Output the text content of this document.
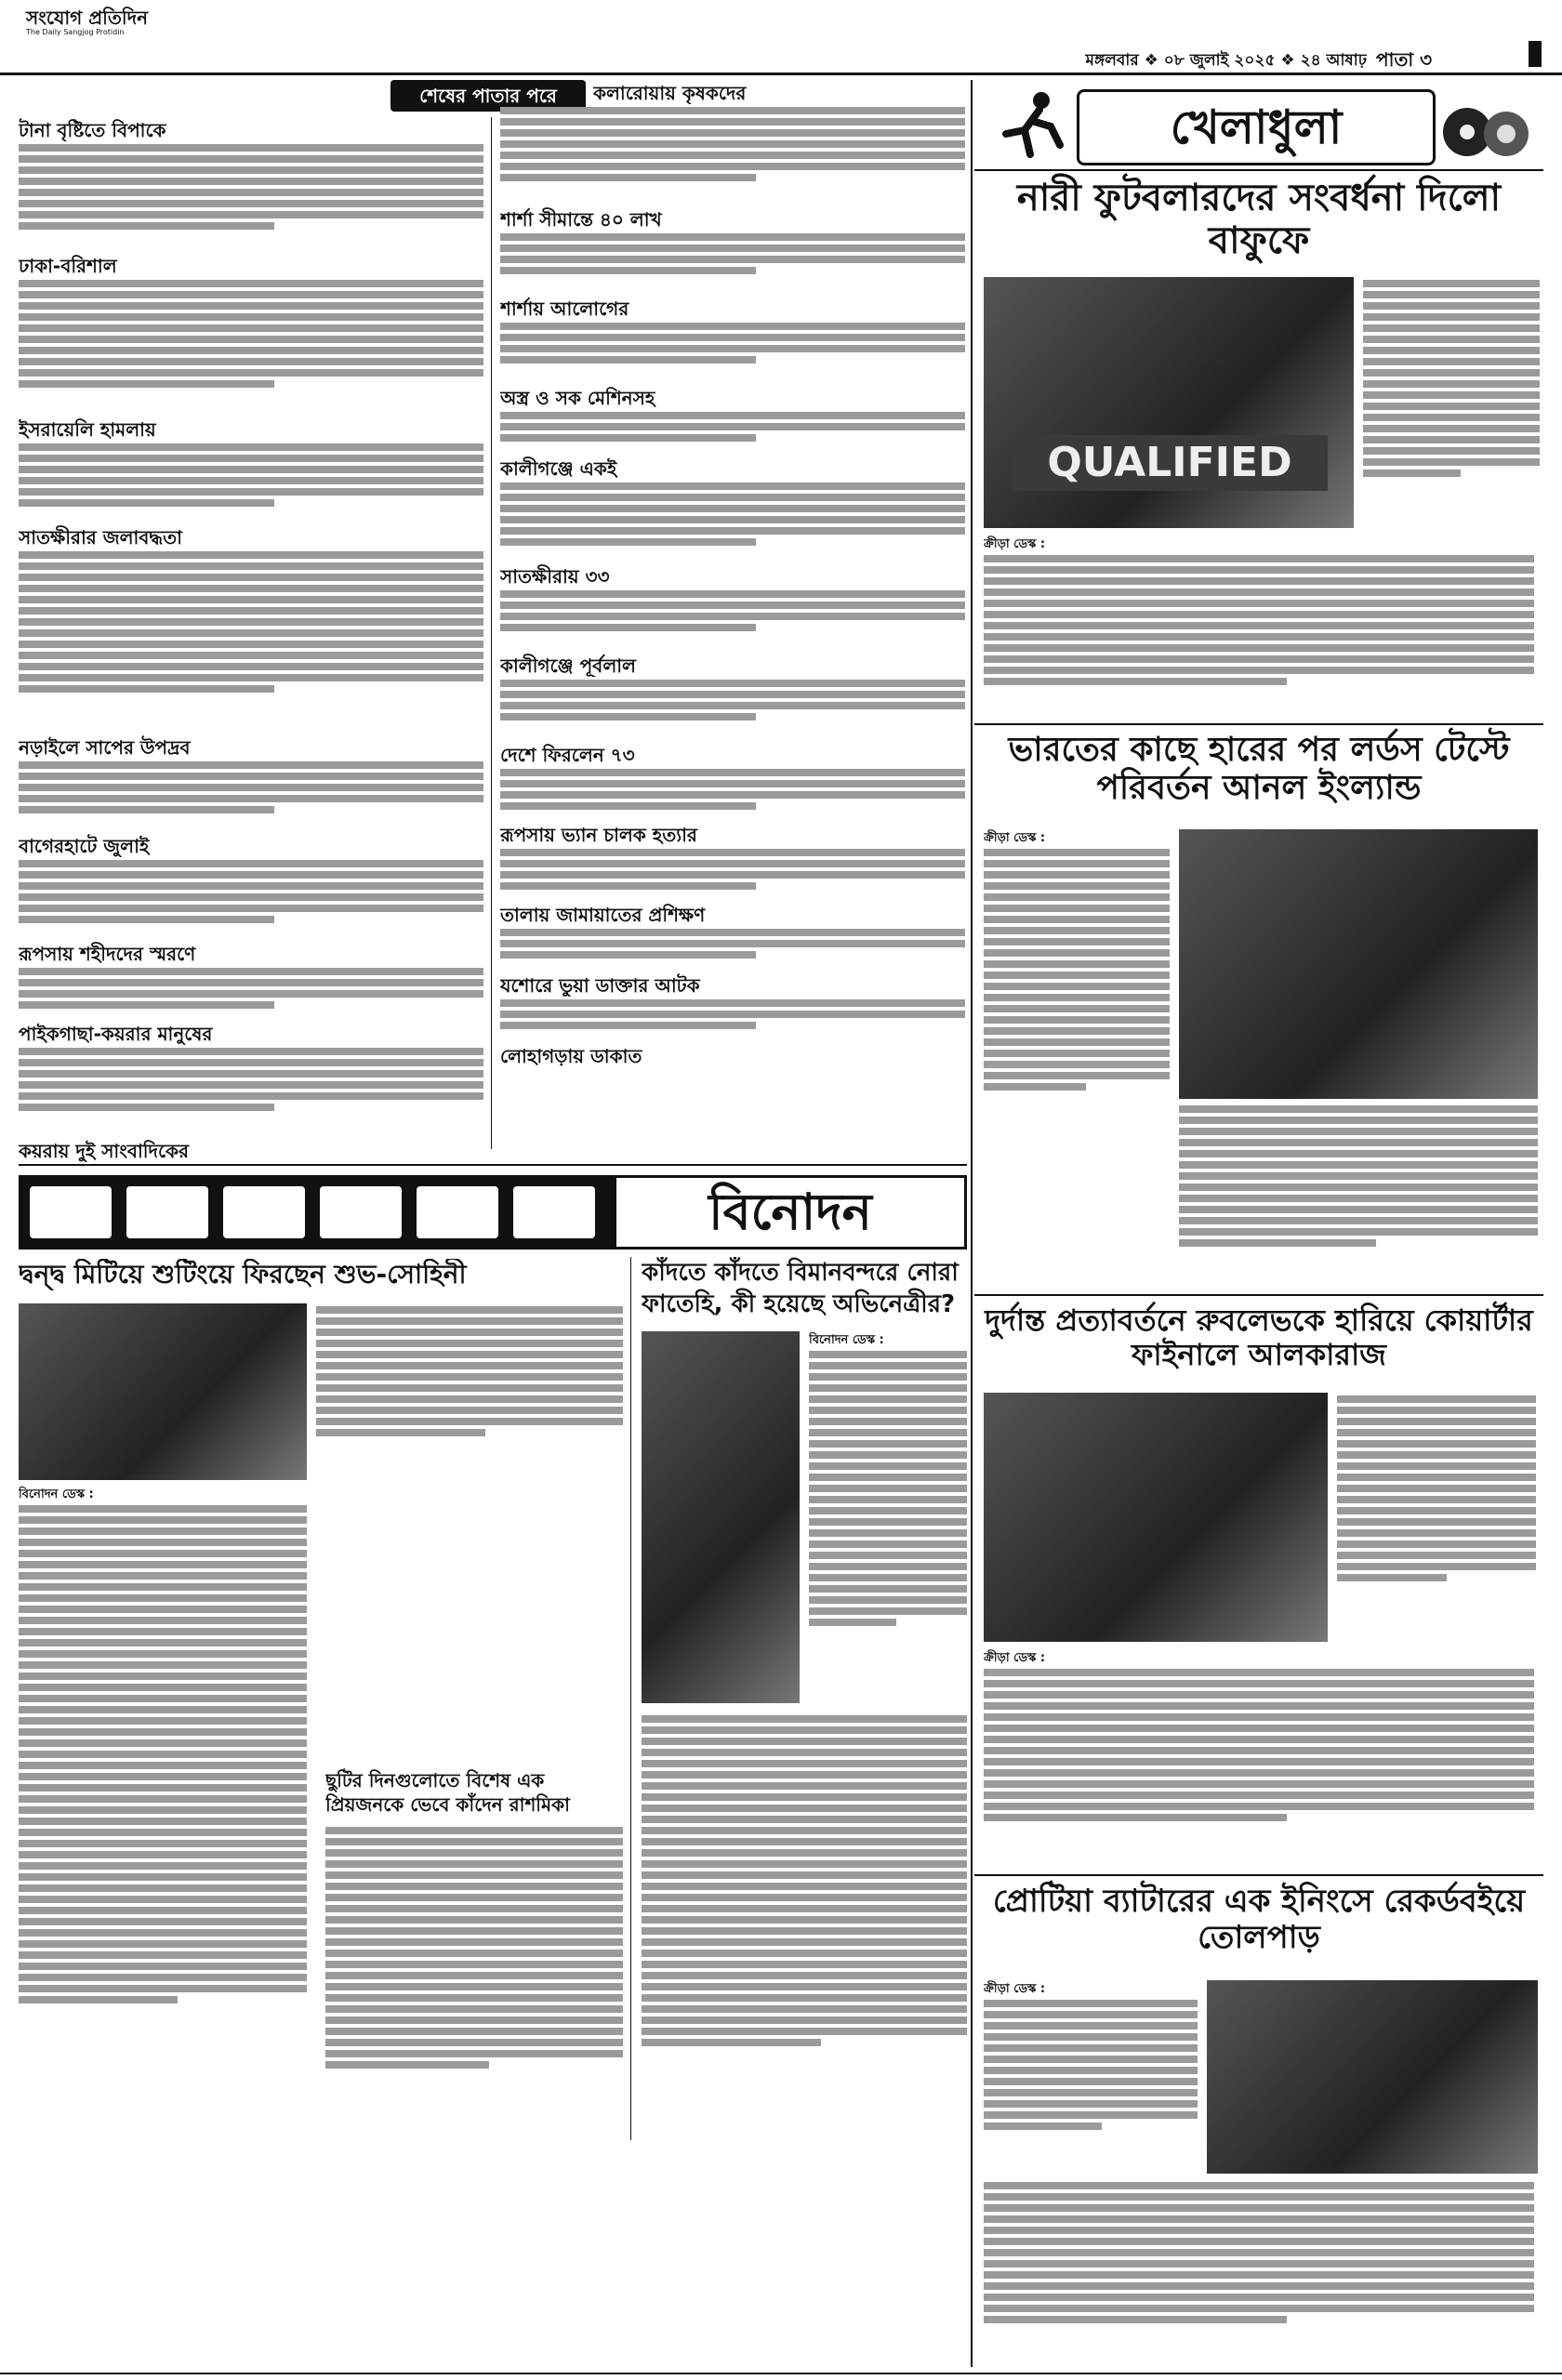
সংযোগ প্রতিদিন
The Daily Sangjog Protidin
মঙ্গলবার ❖ ০৮ জুলাই ২০২৫ ❖ ২৪ আষাঢ় পাতা ৩
শেষের পাতার পরে
টানা বৃষ্টিতে বিপাকে
ঢাকা-বরিশাল
ইসরায়েলি হামলায়
সাতক্ষীরার জলাবদ্ধতা
নড়াইলে সাপের উপদ্রব
বাগেরহাটে জুলাই
রূপসায় শহীদদের স্মরণে
পাইকগাছা-কয়রার মানুষের
কয়রায় দুই সাংবাদিকের
কলারোয়ায় কৃষকদের
শার্শা সীমান্তে ৪০ লাখ
শার্শায় আলোগের
অস্ত্র ও সক মেশিনসহ
কালীগঞ্জে একই
সাতক্ষীরায় ৩৩
কালীগঞ্জে পূর্বলাল
দেশে ফিরলেন ৭৩
রূপসায় ভ্যান চালক হত্যার
তালায় জামায়াতের প্রশিক্ষণ
যশোরে ভুয়া ডাক্তার আটক
লোহাগড়ায় ডাকাত
খেলাধুলা
নারী ফুটবলারদের সংবর্ধনা দিলো বাফুফে
QUALIFIED
ক্রীড়া ডেস্ক :
ভারতের কাছে হারের পর লর্ডস টেস্টে পরিবর্তন আনল ইংল্যান্ড
ক্রীড়া ডেস্ক :
দুর্দান্ত প্রত্যাবর্তনে রুবলেভকে হারিয়ে কোয়ার্টার ফাইনালে আলকারাজ
ক্রীড়া ডেস্ক :
প্রোটিয়া ব্যাটারের এক ইনিংসে রেকর্ডবইয়ে তোলপাড়
ক্রীড়া ডেস্ক :
বিনোদন
দ্বন্দ্ব মিটিয়ে শুটিংয়ে ফিরছেন শুভ-সোহিনী
বিনোদন ডেস্ক :
ছুটির দিনগুলোতে বিশেষ এক প্রিয়জনকে ভেবে কাঁদেন রাশমিকা
কাঁদতে কাঁদতে বিমানবন্দরে নোরা ফাতেহি, কী হয়েছে অভিনেত্রীর?
বিনোদন ডেস্ক :
